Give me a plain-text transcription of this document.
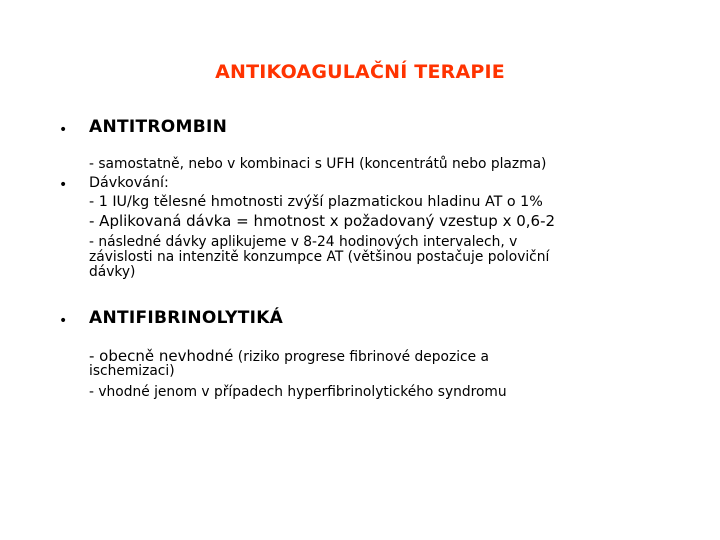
ANTIKOAGULAČNÍ TERAPIE
• ANTITROMBIN
- samostatně, nebo v kombinaci s UFH (koncentrátů nebo plazma)
• Dávkování:
- 1 IU/kg tělesné hmotnosti zvýší plazmatickou hladinu AT o 1%
- Aplikovaná dávka = hmotnost x požadovaný vzestup x 0,6-2
- následné dávky aplikujeme v 8-24 hodinových intervalech, v
závislosti na intenzitě konzumpce AT (většinou postačuje poloviční
dávky)
• ANTIFIBRINOLYTIKÁ
- obecně nevhodné (riziko progrese fibrinové depozice a
ischemizaci)
- vhodné jenom v případech hyperfibrinolytického syndromu
